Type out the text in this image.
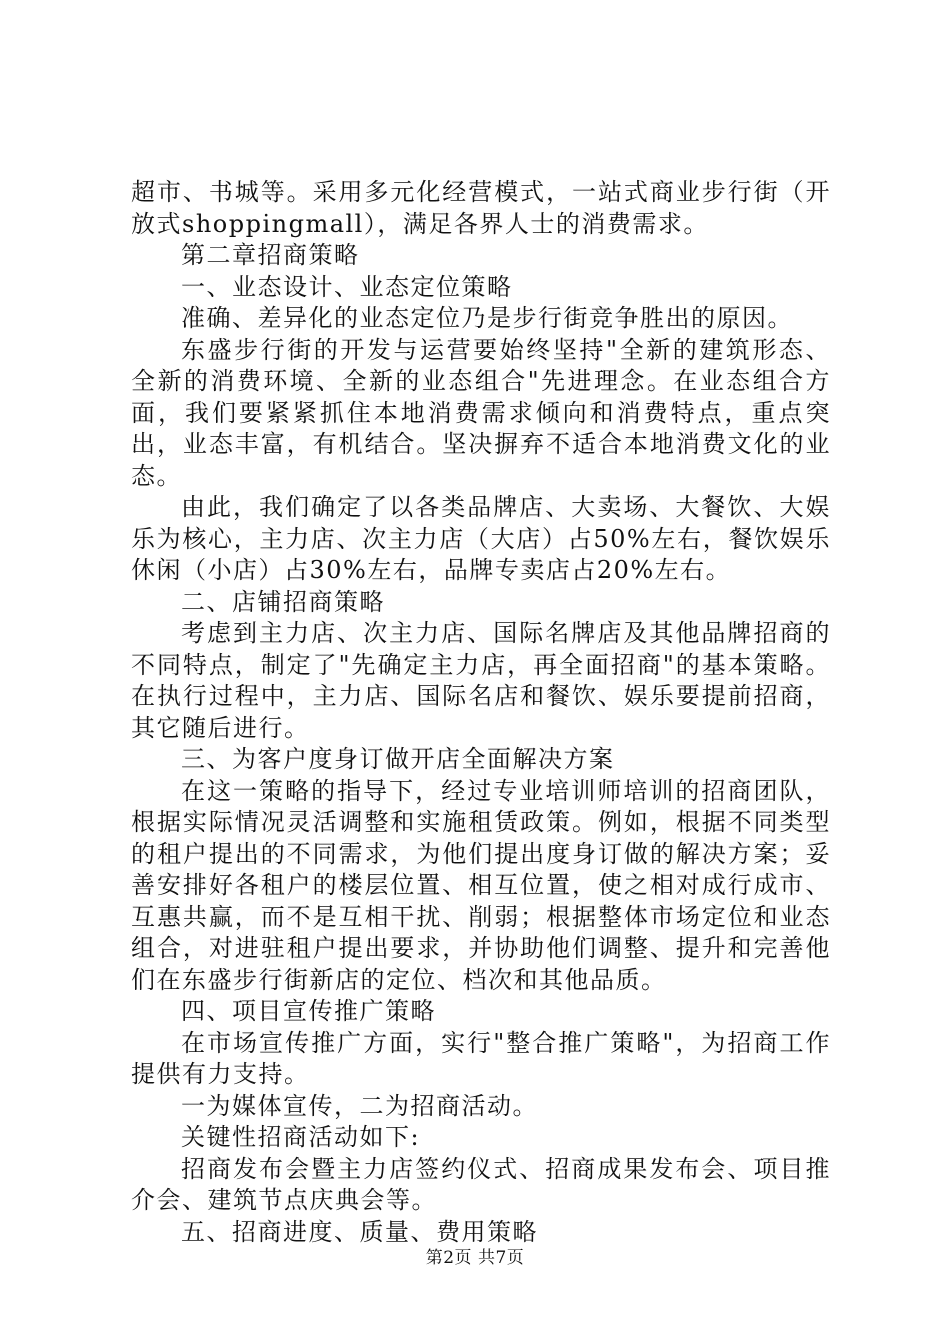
超市、书城等。采用多元化经营模式，一站式商业步行街（开放式shoppingmall），满足各界人士的消费需求。

第二章招商策略

一、业态设计、业态定位策略

准确、差异化的业态定位乃是步行街竞争胜出的原因。

东盛步行街的开发与运营要始终坚持"全新的建筑形态、全新的消费环境、全新的业态组合"先进理念。在业态组合方面，我们要紧紧抓住本地消费需求倾向和消费特点，重点突出，业态丰富，有机结合。坚决摒弃不适合本地消费文化的业态。

由此，我们确定了以各类品牌店、大卖场、大餐饮、大娱乐为核心，主力店、次主力店（大店）占50%左右，餐饮娱乐休闲（小店）占30%左右，品牌专卖店占20%左右。

二、店铺招商策略

考虑到主力店、次主力店、国际名牌店及其他品牌招商的不同特点，制定了"先确定主力店，再全面招商"的基本策略。在执行过程中，主力店、国际名店和餐饮、娱乐要提前招商，其它随后进行。

三、为客户度身订做开店全面解决方案

在这一策略的指导下，经过专业培训师培训的招商团队，根据实际情况灵活调整和实施租赁政策。例如，根据不同类型的租户提出的不同需求，为他们提出度身订做的解决方案；妥善安排好各租户的楼层位置、相互位置，使之相对成行成市、互惠共赢，而不是互相干扰、削弱；根据整体市场定位和业态组合，对进驻租户提出要求，并协助他们调整、提升和完善他们在东盛步行街新店的定位、档次和其他品质。

四、项目宣传推广策略

在市场宣传推广方面，实行"整合推广策略"，为招商工作提供有力支持。

一为媒体宣传，二为招商活动。

关键性招商活动如下:

招商发布会暨主力店签约仪式、招商成果发布会、项目推介会、建筑节点庆典会等。

五、招商进度、质量、费用策略

第2页 共7页
